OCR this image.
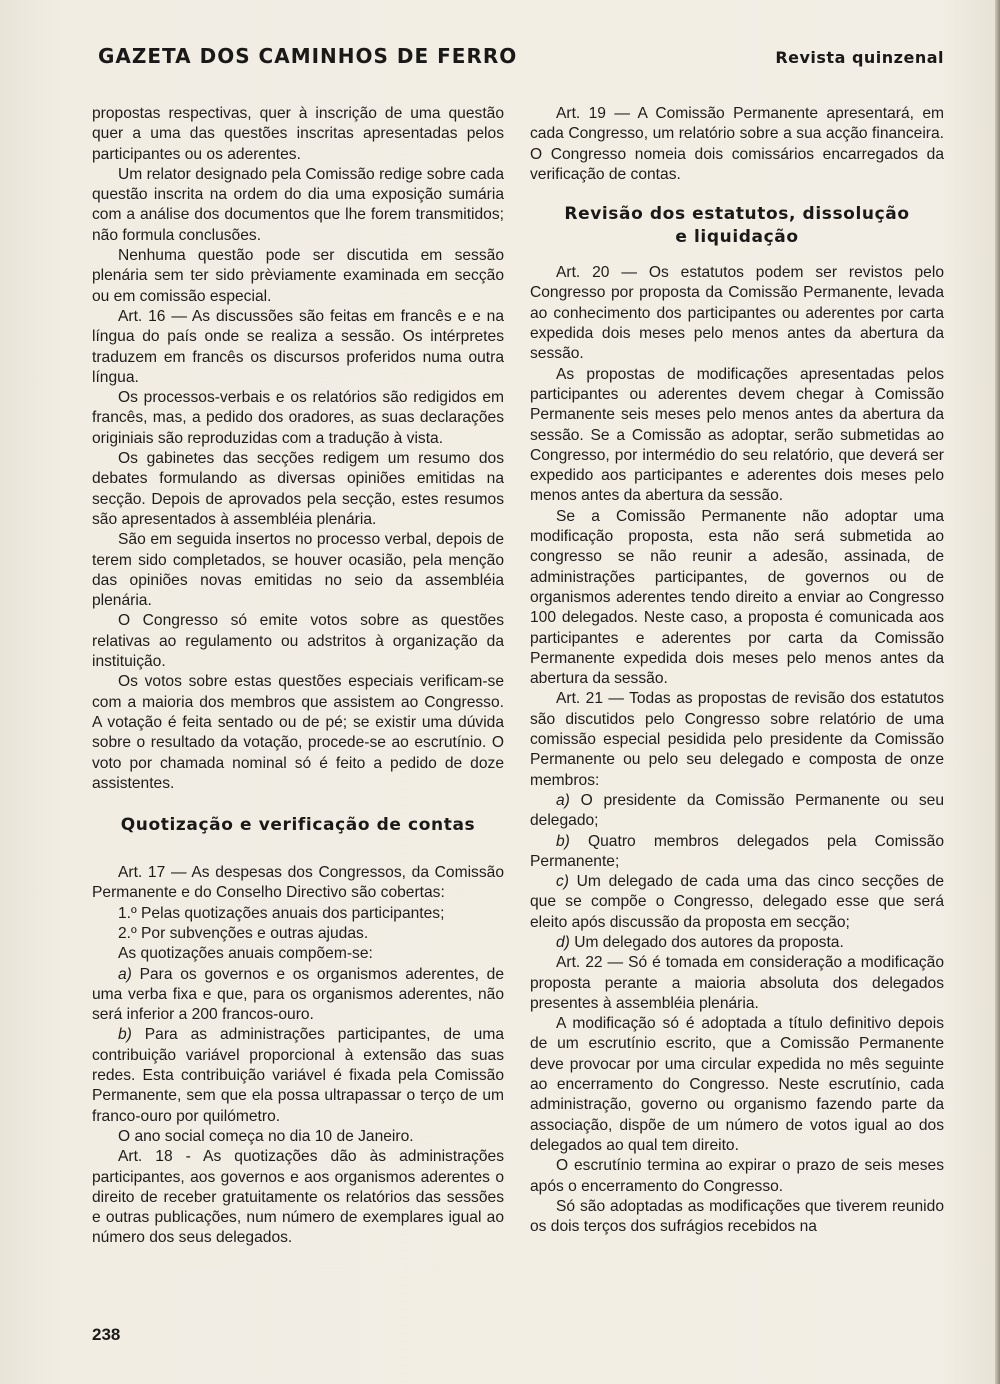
GAZETA DOS CAMINHOS DE FERRO	Revista quinzenal

propostas respectivas, quer à inscrição de uma questão quer a uma das questões inscritas apresentadas pelos participantes ou os aderentes.

Um relator designado pela Comissão redige sobre cada questão inscrita na ordem do dia uma exposição sumária com a análise dos documentos que lhe forem transmitidos; não formula conclusões.

Nenhuma questão pode ser discutida em sessão plenária sem ter sido prèviamente examinada em secção ou em comissão especial.

Art. 16 — As discussões são feitas em francês e e na língua do país onde se realiza a sessão. Os intérpretes traduzem em francês os discursos proferidos numa outra língua.

Os processos-verbais e os relatórios são redigidos em francês, mas, a pedido dos oradores, as suas declarações originiais são reproduzidas com a tradução à vista.

Os gabinetes das secções redigem um resumo dos debates formulando as diversas opiniões emitidas na secção. Depois de aprovados pela secção, estes resumos são apresentados à assembléia plenária.

São em seguida insertos no processo verbal, depois de terem sido completados, se houver ocasião, pela menção das opiniões novas emitidas no seio da assembléia plenária.

O Congresso só emite votos sobre as questões relativas ao regulamento ou adstritos à organização da instituição.

Os votos sobre estas questões especiais verificam-se com a maioria dos membros que assistem ao Congresso. A votação é feita sentado ou de pé; se existir uma dúvida sobre o resultado da votação, procede-se ao escrutínio. O voto por chamada nominal só é feito a pedido de doze assistentes.

Quotização e verificação de contas

Art. 17 — As despesas dos Congressos, da Comissão Permanente e do Conselho Directivo são cobertas:

1.º Pelas quotizações anuais dos participantes;

2.º Por subvenções e outras ajudas.

As quotizações anuais compõem-se:

a) Para os governos e os organismos aderentes, de uma verba fixa e que, para os organismos aderentes, não será inferior a 200 francos-ouro.

b) Para as administrações participantes, de uma contribuição variável proporcional à extensão das suas redes. Esta contribuição variável é fixada pela Comissão Permanente, sem que ela possa ultrapassar o terço de um franco-ouro por quilómetro.

O ano social começa no dia 10 de Janeiro.

Art. 18 - As quotizações dão às administrações participantes, aos governos e aos organismos aderentes o direito de receber gratuitamente os relatórios das sessões e outras publicações, num número de exemplares igual ao número dos seus delegados.

Art. 19 — A Comissão Permanente apresentará, em cada Congresso, um relatório sobre a sua acção financeira. O Congresso nomeia dois comissários encarregados da verificação de contas.

Revisão dos estatutos, dissolução
e liquidação

Art. 20 — Os estatutos podem ser revistos pelo Congresso por proposta da Comissão Permanente, levada ao conhecimento dos participantes ou aderentes por carta expedida dois meses pelo menos antes da abertura da sessão.

As propostas de modificações apresentadas pelos participantes ou aderentes devem chegar à Comissão Permanente seis meses pelo menos antes da abertura da sessão. Se a Comissão as adoptar, serão submetidas ao Congresso, por intermédio do seu relatório, que deverá ser expedido aos participantes e aderentes dois meses pelo menos antes da abertura da sessão.

Se a Comissão Permanente não adoptar uma modificação proposta, esta não será submetida ao congresso se não reunir a adesão, assinada, de administrações participantes, de governos ou de organismos aderentes tendo direito a enviar ao Congresso 100 delegados. Neste caso, a proposta é comunicada aos participantes e aderentes por carta da Comissão Permanente expedida dois meses pelo menos antes da abertura da sessão.

Art. 21 — Todas as propostas de revisão dos estatutos são discutidos pelo Congresso sobre relatório de uma comissão especial pesidida pelo presidente da Comissão Permanente ou pelo seu delegado e composta de onze membros:

a) O presidente da Comissão Permanente ou seu delegado;

b) Quatro membros delegados pela Comissão Permanente;

c) Um delegado de cada uma das cinco secções de que se compõe o Congresso, delegado esse que será eleito após discussão da proposta em secção;

d) Um delegado dos autores da proposta.

Art. 22 — Só é tomada em consideração a modificação proposta perante a maioria absoluta dos delegados presentes à assembléia plenária.

A modificação só é adoptada a título definitivo depois de um escrutínio escrito, que a Comissão Permanente deve provocar por uma circular expedida no mês seguinte ao encerramento do Congresso. Neste escrutínio, cada administração, governo ou organismo fazendo parte da associação, dispõe de um número de votos igual ao dos delegados ao qual tem direito.

O escrutínio termina ao expirar o prazo de seis meses após o encerramento do Congresso.

Só são adoptadas as modificações que tiverem reunido os dois terços dos sufrágios recebidos na

238
